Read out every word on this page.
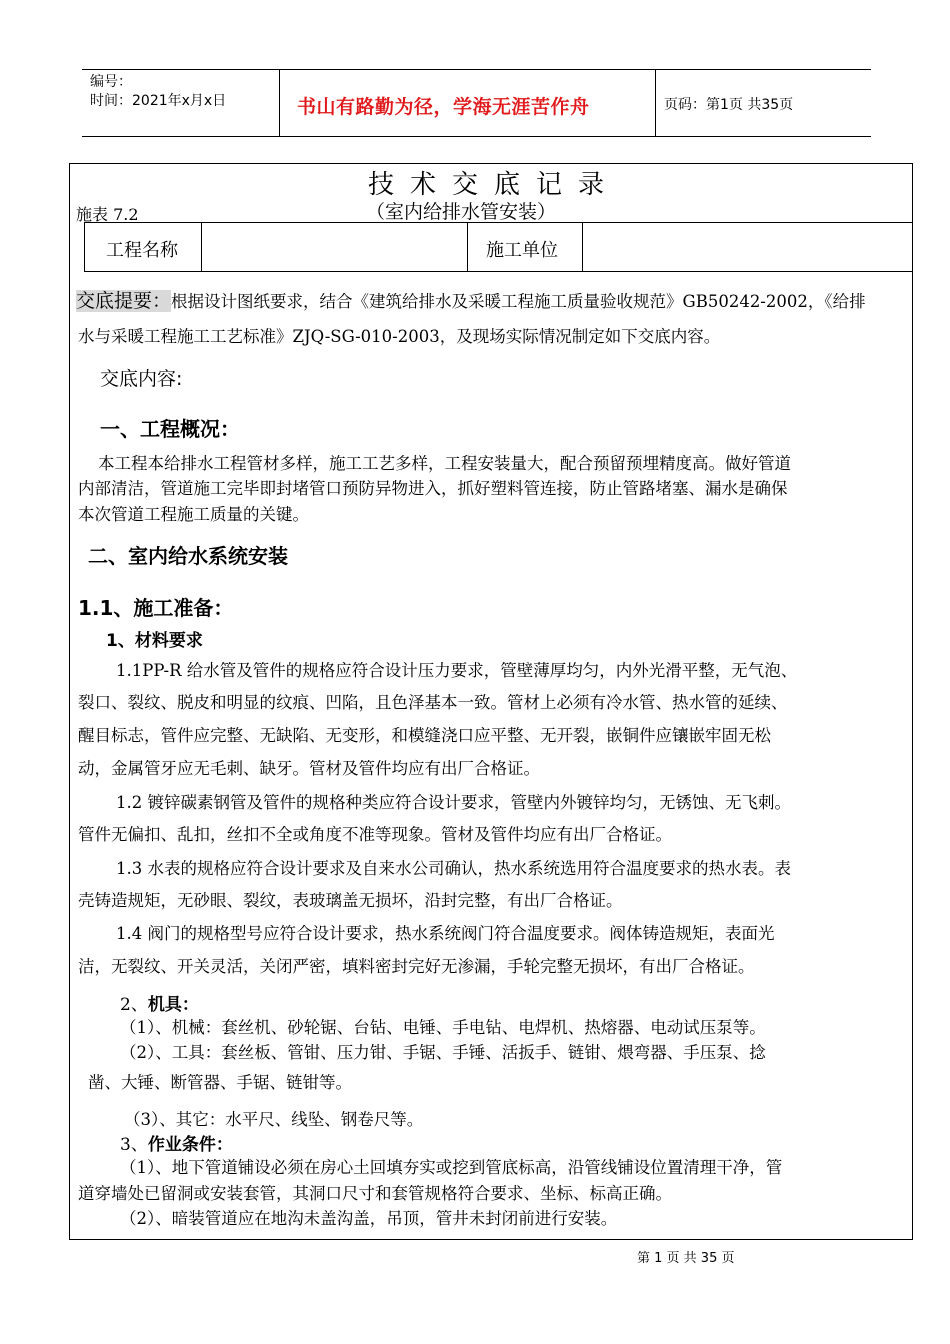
编号：
时间：2021年x月x日	书山有路勤为径，学海无涯苦作舟	页码：第1页 共35页
技术交底记录
施表 7.2	（室内给排水管安装）
工程名称	施工单位
交底提要：根据设计图纸要求，结合《建筑给排水及采暖工程施工质量验收规范》GB50242-2002，《给排
水与采暖工程施工工艺标准》ZJQ-SG-010-2003，及现场实际情况制定如下交底内容。
交底内容:
一、工程概况：
本工程本给排水工程管材多样，施工工艺多样，工程安装量大，配合预留预埋精度高。做好管道
内部清洁，管道施工完毕即封堵管口预防异物进入，抓好塑料管连接，防止管路堵塞、漏水是确保
本次管道工程施工质量的关键。
二、室内给水系统安装
1.1、施工准备：
1、材料要求
1.1PP-R 给水管及管件的规格应符合设计压力要求，管壁薄厚均匀，内外光滑平整，无气泡、
裂口、裂纹、脱皮和明显的纹痕、凹陷，且色泽基本一致。管材上必须有冷水管、热水管的延续、
醒目标志，管件应完整、无缺陷、无变形，和模缝浇口应平整、无开裂，嵌铜件应镶嵌牢固无松
动，金属管牙应无毛刺、缺牙。管材及管件均应有出厂合格证。
1.2 镀锌碳素钢管及管件的规格种类应符合设计要求，管壁内外镀锌均匀，无锈蚀、无飞刺。
管件无偏扣、乱扣，丝扣不全或角度不准等现象。管材及管件均应有出厂合格证。
1.3 水表的规格应符合设计要求及自来水公司确认，热水系统选用符合温度要求的热水表。表
壳铸造规矩，无砂眼、裂纹，表玻璃盖无损坏，沿封完整，有出厂合格证。
1.4 阀门的规格型号应符合设计要求，热水系统阀门符合温度要求。阀体铸造规矩，表面光
洁，无裂纹、开关灵活，关闭严密，填料密封完好无渗漏，手轮完整无损坏，有出厂合格证。
2、机具：
（1）、机械：套丝机、砂轮锯、台钻、电锤、手电钻、电焊机、热熔器、电动试压泵等。
（2）、工具：套丝板、管钳、压力钳、手锯、手锤、活扳手、链钳、煨弯器、手压泵、捻
凿、大锤、断管器、手锯、链钳等。
（3）、其它：水平尺、线坠、钢卷尺等。
3、作业条件：
（1）、地下管道铺设必须在房心土回填夯实或挖到管底标高，沿管线铺设位置清理干净，管
道穿墙处已留洞或安装套管，其洞口尺寸和套管规格符合要求、坐标、标高正确。
（2）、暗装管道应在地沟未盖沟盖，吊顶，管井未封闭前进行安装。
第 1 页 共 35 页
